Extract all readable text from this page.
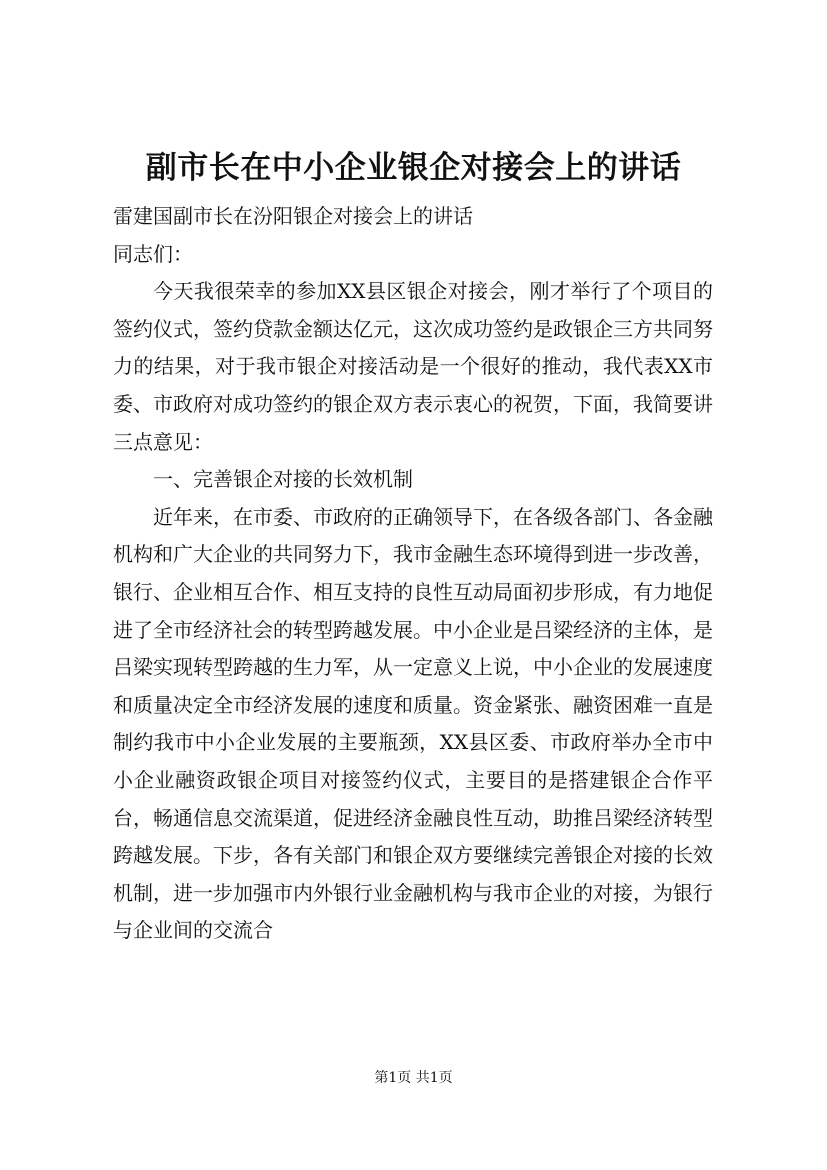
副市长在中小企业银企对接会上的讲话

雷建国副市长在汾阳银企对接会上的讲话

同志们：

今天我很荣幸的参加XX县区银企对接会，刚才举行了个项目的签约仪式，签约贷款金额达亿元，这次成功签约是政银企三方共同努力的结果，对于我市银企对接活动是一个很好的推动，我代表XX市委、市政府对成功签约的银企双方表示衷心的祝贺，下面，我简要讲三点意见：

一、完善银企对接的长效机制

近年来，在市委、市政府的正确领导下，在各级各部门、各金融机构和广大企业的共同努力下，我市金融生态环境得到进一步改善，银行、企业相互合作、相互支持的良性互动局面初步形成，有力地促进了全市经济社会的转型跨越发展。中小企业是吕梁经济的主体，是吕梁实现转型跨越的生力军，从一定意义上说，中小企业的发展速度和质量决定全市经济发展的速度和质量。资金紧张、融资困难一直是制约我市中小企业发展的主要瓶颈，XX县区委、市政府举办全市中小企业融资政银企项目对接签约仪式，主要目的是搭建银企合作平台，畅通信息交流渠道，促进经济金融良性互动，助推吕梁经济转型跨越发展。下步，各有关部门和银企双方要继续完善银企对接的长效机制，进一步加强市内外银行业金融机构与我市企业的对接，为银行与企业间的交流合

第1页 共1页
